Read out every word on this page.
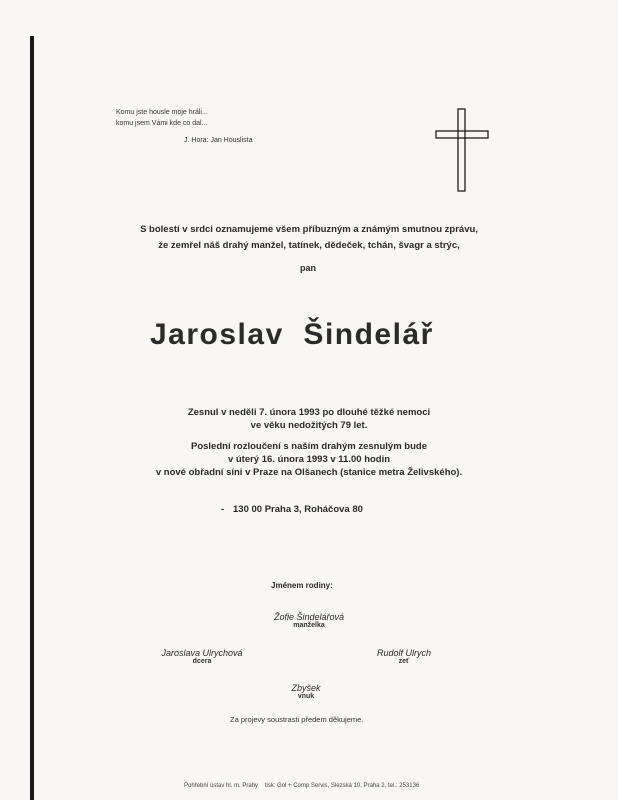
Komu jste housle moje hráli...
komu jsem Vámi kde co dal...
J. Hora: Jan Houslista
S bolestí v srdci oznamujeme všem příbuzným a známým smutnou zprávu,
že zemřel náš drahý manžel, tatínek, dědeček, tchán, švagr a strýc,
pan
Jaroslav  Šindelář
Zesnul v neděli 7. února 1993 po dlouhé těžké nemoci
ve věku nedožitých 79 let.
Poslední rozloučení s naším drahým zesnulým bude
v úterý 16. února 1993 v 11.00 hodin
v nové obřadní síni v Praze na Olšanech (stanice metra Želivského).
- 130 00 Praha 3, Roháčova 80
Jménem rodiny:
Žofie Šindelářová
manželka
Jaroslava Ulrychová
dcera
Rudolf Ulrych
zeť
Zbyšek
vnuk
Za projevy soustrasti předem děkujeme.
Pohřební ústav hl. m. Prahy    tisk: Gol + Comp Servis, Slezská 10, Praha 2, tel.: 253136
